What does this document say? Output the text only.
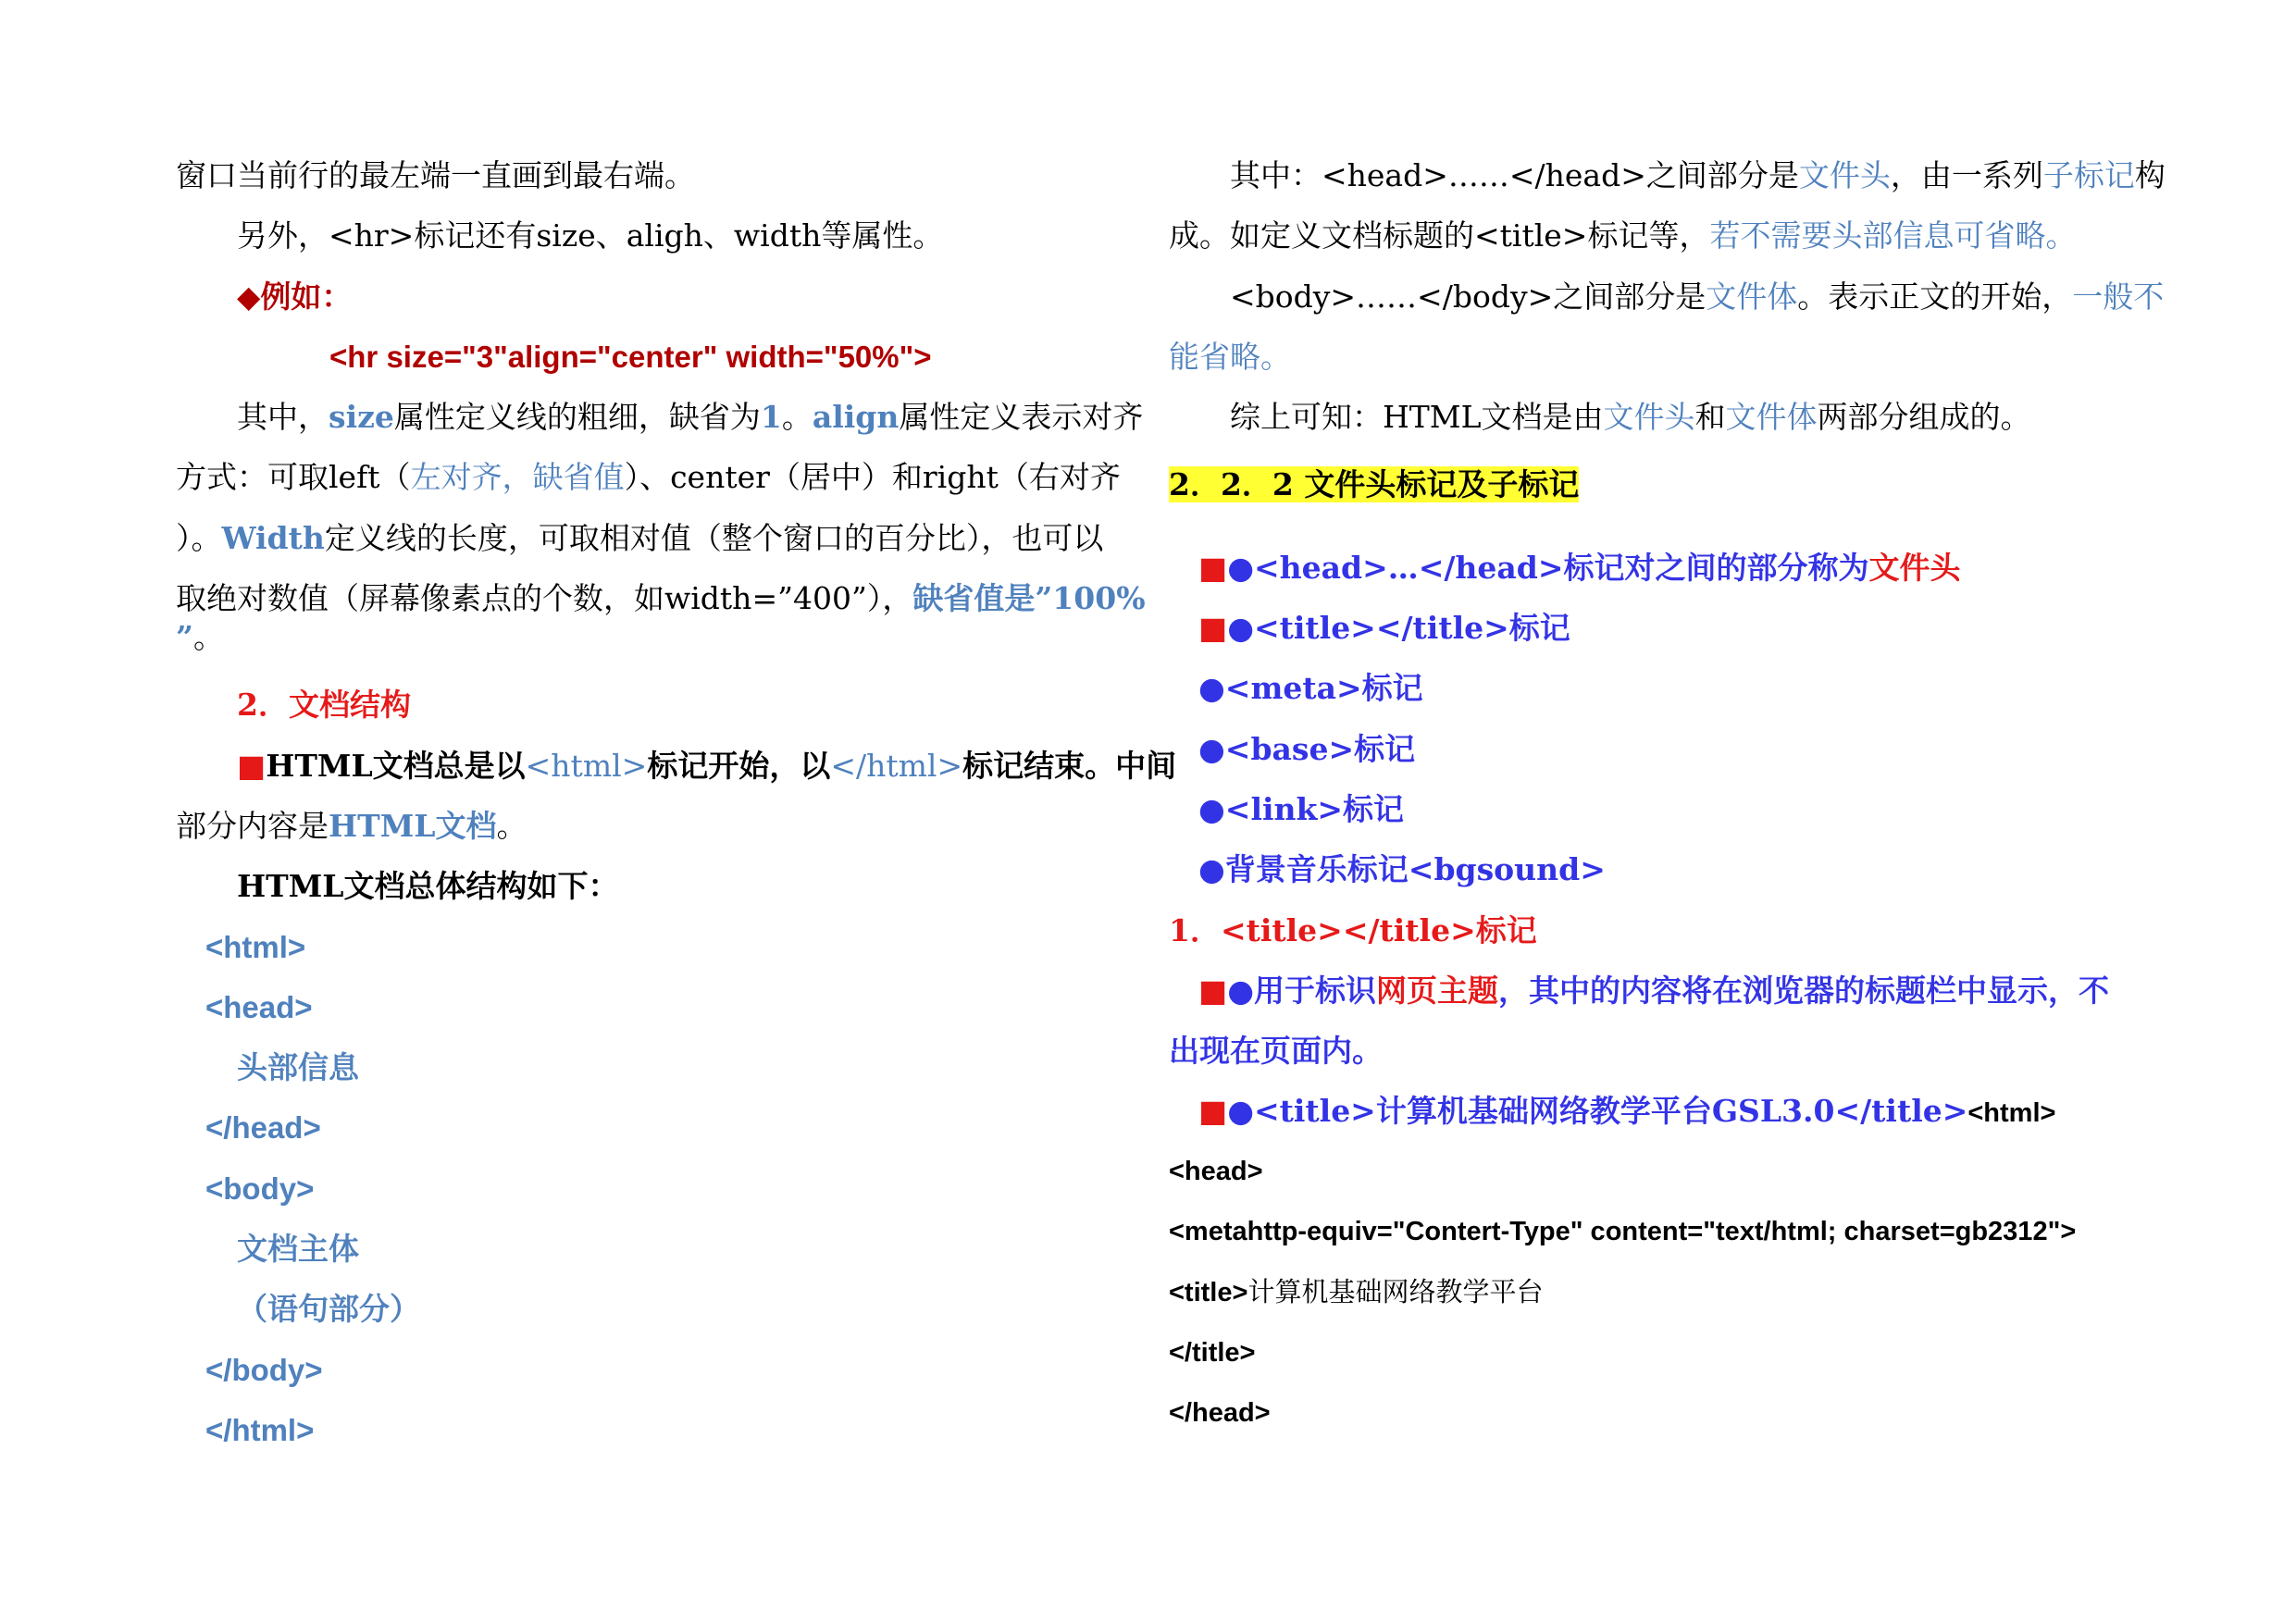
窗口当前行的最左端一直画到最右端。
另外，<hr>标记还有size、aligh、width等属性。
◆例如：
<hr size="3"align="center" width="50%">
其中，size属性定义线的粗细，缺省为1。align属性定义表示对齐
方式：可取left（左对齐，缺省值）、center（居中）和right（右对齐
）。Width定义线的长度，可取相对值（整个窗口的百分比），也可以
取绝对数值（屏幕像素点的个数，如width=”400”），缺省值是”100%
”。
2．文档结构
■HTML文档总是以<html>标记开始，以</html>标记结束。中间
部分内容是HTML文档。
HTML文档总体结构如下：
<html>
<head>
头部信息
</head>
<body>
文档主体
（语句部分）
</body>
</html>
其中：<head>……</head>之间部分是文件头，由一系列子标记构
成。如定义文档标题的<title>标记等，若不需要头部信息可省略。
<body>……</body>之间部分是文件体。表示正文的开始，一般不
能省略。
综上可知：HTML文档是由文件头和文件体两部分组成的。
2．2．2 文件头标记及子标记
■●<head>…</head>标记对之间的部分称为文件头
■●<title></title>标记
●<meta>标记
●<base>标记
●<link>标记
●背景音乐标记<bgsound>
1．<title></title>标记
■●用于标识网页主题，其中的内容将在浏览器的标题栏中显示，不
出现在页面内。
■●<title>计算机基础网络教学平台GSL3.0</title><html>
<head>
<metahttp-equiv="Contert-Type" content="text/html; charset=gb2312">
<title>计算机基础网络教学平台
</title>
</head>
